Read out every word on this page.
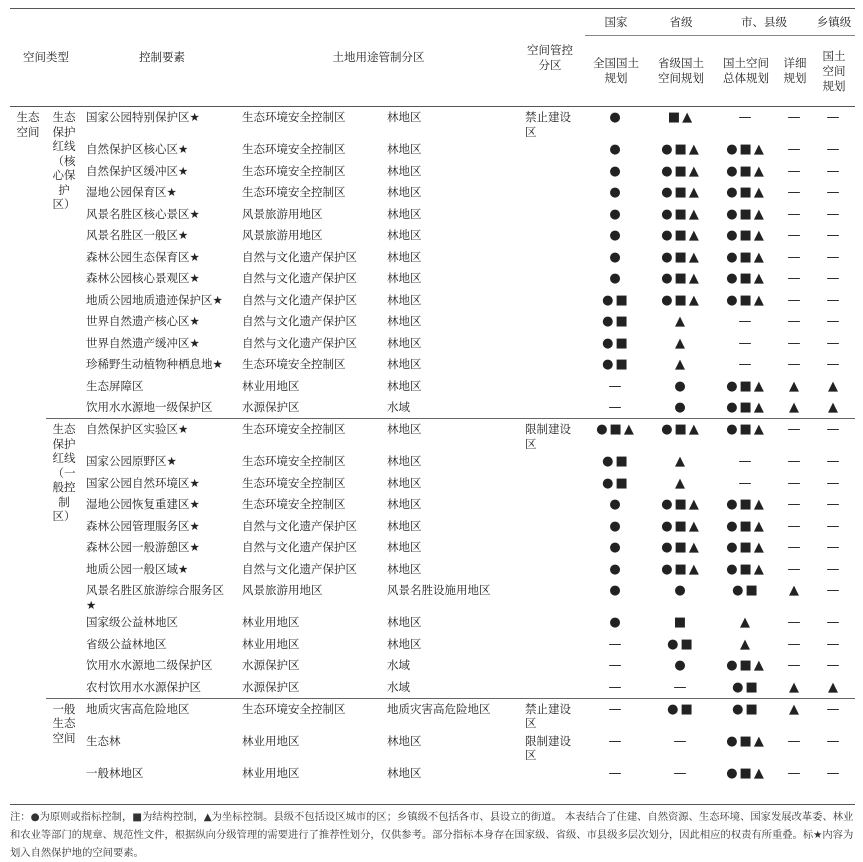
空间类型		控制要素	土地用途管制分区		空间管控分区	国家	省级	市、县级		乡镇级
						全国国土规划	省级国土空间规划	国土空间总体规划	详细规划	国土空间规划
生态空间	生态保护红线（核心保护区）	国家公园特别保护区★	生态环境安全控制区	林地区	禁止建设区	●	■▲	—	—	—
		自然保护区核心区★	生态环境安全控制区	林地区		●	●■▲	●■▲	—	—
		自然保护区缓冲区★	生态环境安全控制区	林地区		●	●■▲	●■▲	—	—
		湿地公园保育区★	生态环境安全控制区	林地区		●	●■▲	●■▲	—	—
		风景名胜区核心景区★	风景旅游用地区	林地区		●	●■▲	●■▲	—	—
		风景名胜区一般区★	风景旅游用地区	林地区		●	●■▲	●■▲	—	—
		森林公园生态保育区★	自然与文化遗产保护区	林地区		●	●■▲	●■▲	—	—
		森林公园核心景观区★	自然与文化遗产保护区	林地区		●	●■▲	●■▲	—	—
		地质公园地质遗迹保护区★	自然与文化遗产保护区	林地区		●■	●■▲	●■▲	—	—
		世界自然遗产核心区★	自然与文化遗产保护区	林地区		●■	▲	—	—	—
		世界自然遗产缓冲区★	自然与文化遗产保护区	林地区		●■	▲	—	—	—
		珍稀野生动植物种栖息地★	生态环境安全控制区	林地区		●■	▲	—	—	—
		生态屏障区	林业用地区	林地区		—	●	●■▲	▲	▲
		饮用水水源地一级保护区	水源保护区	水域		—	●	●■▲	▲	▲
	生态保护红线（一般控制区）	自然保护区实验区★	生态环境安全控制区	林地区	限制建设区	●■▲	●■▲	●■▲	—	—
		国家公园原野区★	生态环境安全控制区	林地区		●■	▲	—	—	—
		国家公园自然环境区★	生态环境安全控制区	林地区		●■	▲	—	—	—
		湿地公园恢复重建区★	生态环境安全控制区	林地区		●	●■▲	●■▲	—	—
		森林公园管理服务区★	自然与文化遗产保护区	林地区		●	●■▲	●■▲	—	—
		森林公园一般游憩区★	自然与文化遗产保护区	林地区		●	●■▲	●■▲	—	—
		地质公园一般区域★	自然与文化遗产保护区	林地区		●	●■▲	●■▲	—	—
		风景名胜区旅游综合服务区★	风景旅游用地区	风景名胜设施用地区		●	●	●■	▲	—
		国家级公益林地区	林业用地区	林地区		●	■	▲	—	—
		省级公益林地区	林业用地区	林地区		—	●■	▲	—	—
		饮用水水源地二级保护区	水源保护区	水域		—	●	●■▲	—	—
		农村饮用水水源保护区	水源保护区	水域		—	—	●■	▲	▲
	一般生态空间	地质灾害高危险地区	生态环境安全控制区	地质灾害高危险地区	禁止建设区	—	●■	●■	▲	—
		生态林	林业用地区	林地区	限制建设区	—	—	●■▲	—	—
		一般林地区	林业用地区	林地区		—	—	●■▲	—	—
注：●为原则或指标控制，■为结构控制，▲为坐标控制。县级不包括设区城市的区；乡镇级不包括各市、县设立的街道。 本表结合了住建、自然资源、生态环境、国家发展改革委、林业和农业等部门的规章、规范性文件，根据纵向分级管理的需要进行了推荐性划分，仅供参考。部分指标本身存在国家级、省级、市县级多层次划分，因此相应的权责有所重叠。标★内容为划入自然保护地的空间要素。
